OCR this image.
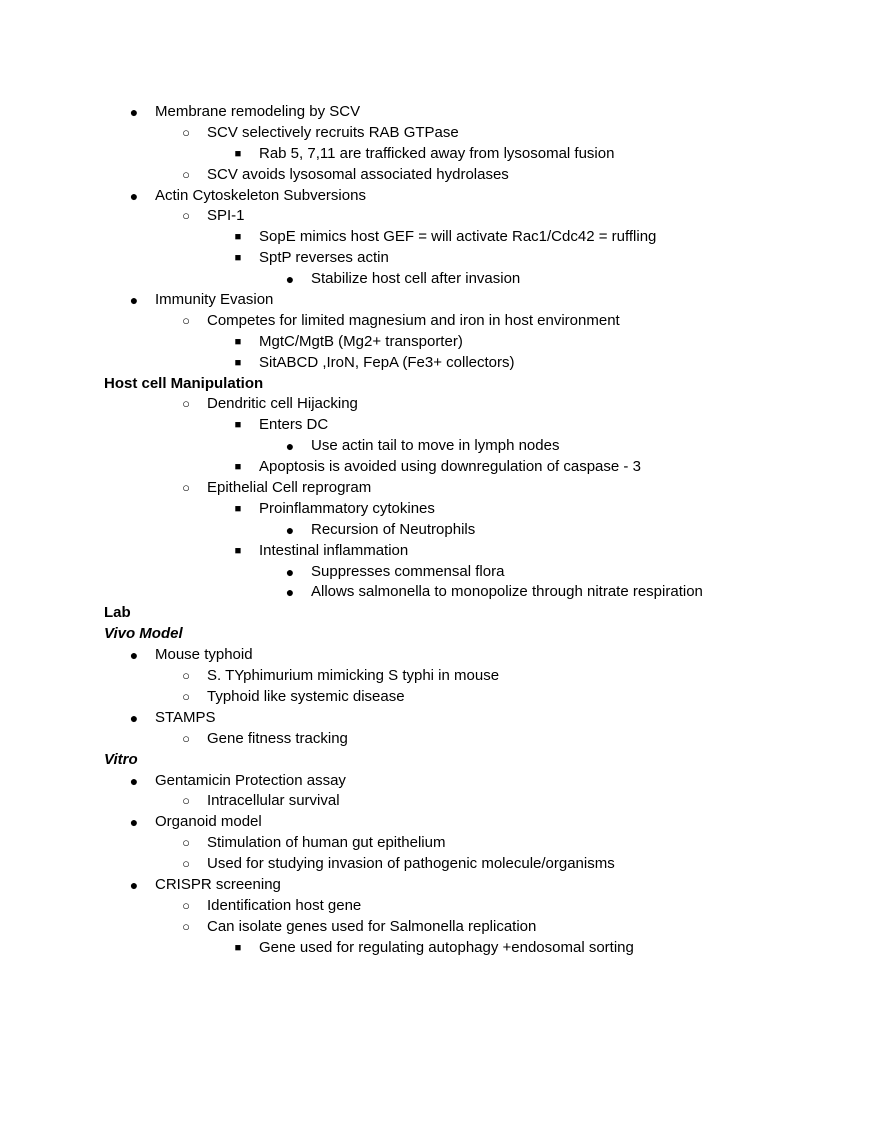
● Membrane remodeling by SCV
○ SCV selectively recruits RAB GTPase
■ Rab 5, 7,11 are trafficked away from lysosomal fusion
○ SCV avoids lysosomal associated hydrolases
● Actin Cytoskeleton Subversions
○ SPI-1
■ SopE mimics host GEF = will activate Rac1/Cdc42 = ruffling
■ SptP reverses actin
● Stabilize host cell after invasion
● Immunity Evasion
○ Competes for limited magnesium and iron in host environment
■ MgtC/MgtB (Mg2+ transporter)
■ SitABCD ,IroN, FepA (Fe3+ collectors)
Host cell Manipulation
○ Dendritic cell Hijacking
■ Enters DC
● Use actin tail to move in lymph nodes
■ Apoptosis is avoided using downregulation of caspase - 3
○ Epithelial Cell reprogram
■ Proinflammatory cytokines
● Recursion of Neutrophils
■ Intestinal inflammation
● Suppresses commensal flora
● Allows salmonella to monopolize through nitrate respiration
Lab
Vivo Model
● Mouse typhoid
○ S. TYphimurium mimicking S typhi in mouse
○ Typhoid like systemic disease
● STAMPS
○ Gene fitness tracking
Vitro
● Gentamicin Protection assay
○ Intracellular survival
● Organoid model
○ Stimulation of human gut epithelium
○ Used for studying invasion of pathogenic molecule/organisms
● CRISPR screening
○ Identification host gene
○ Can isolate genes used for Salmonella replication
■ Gene used for regulating autophagy +endosomal sorting
